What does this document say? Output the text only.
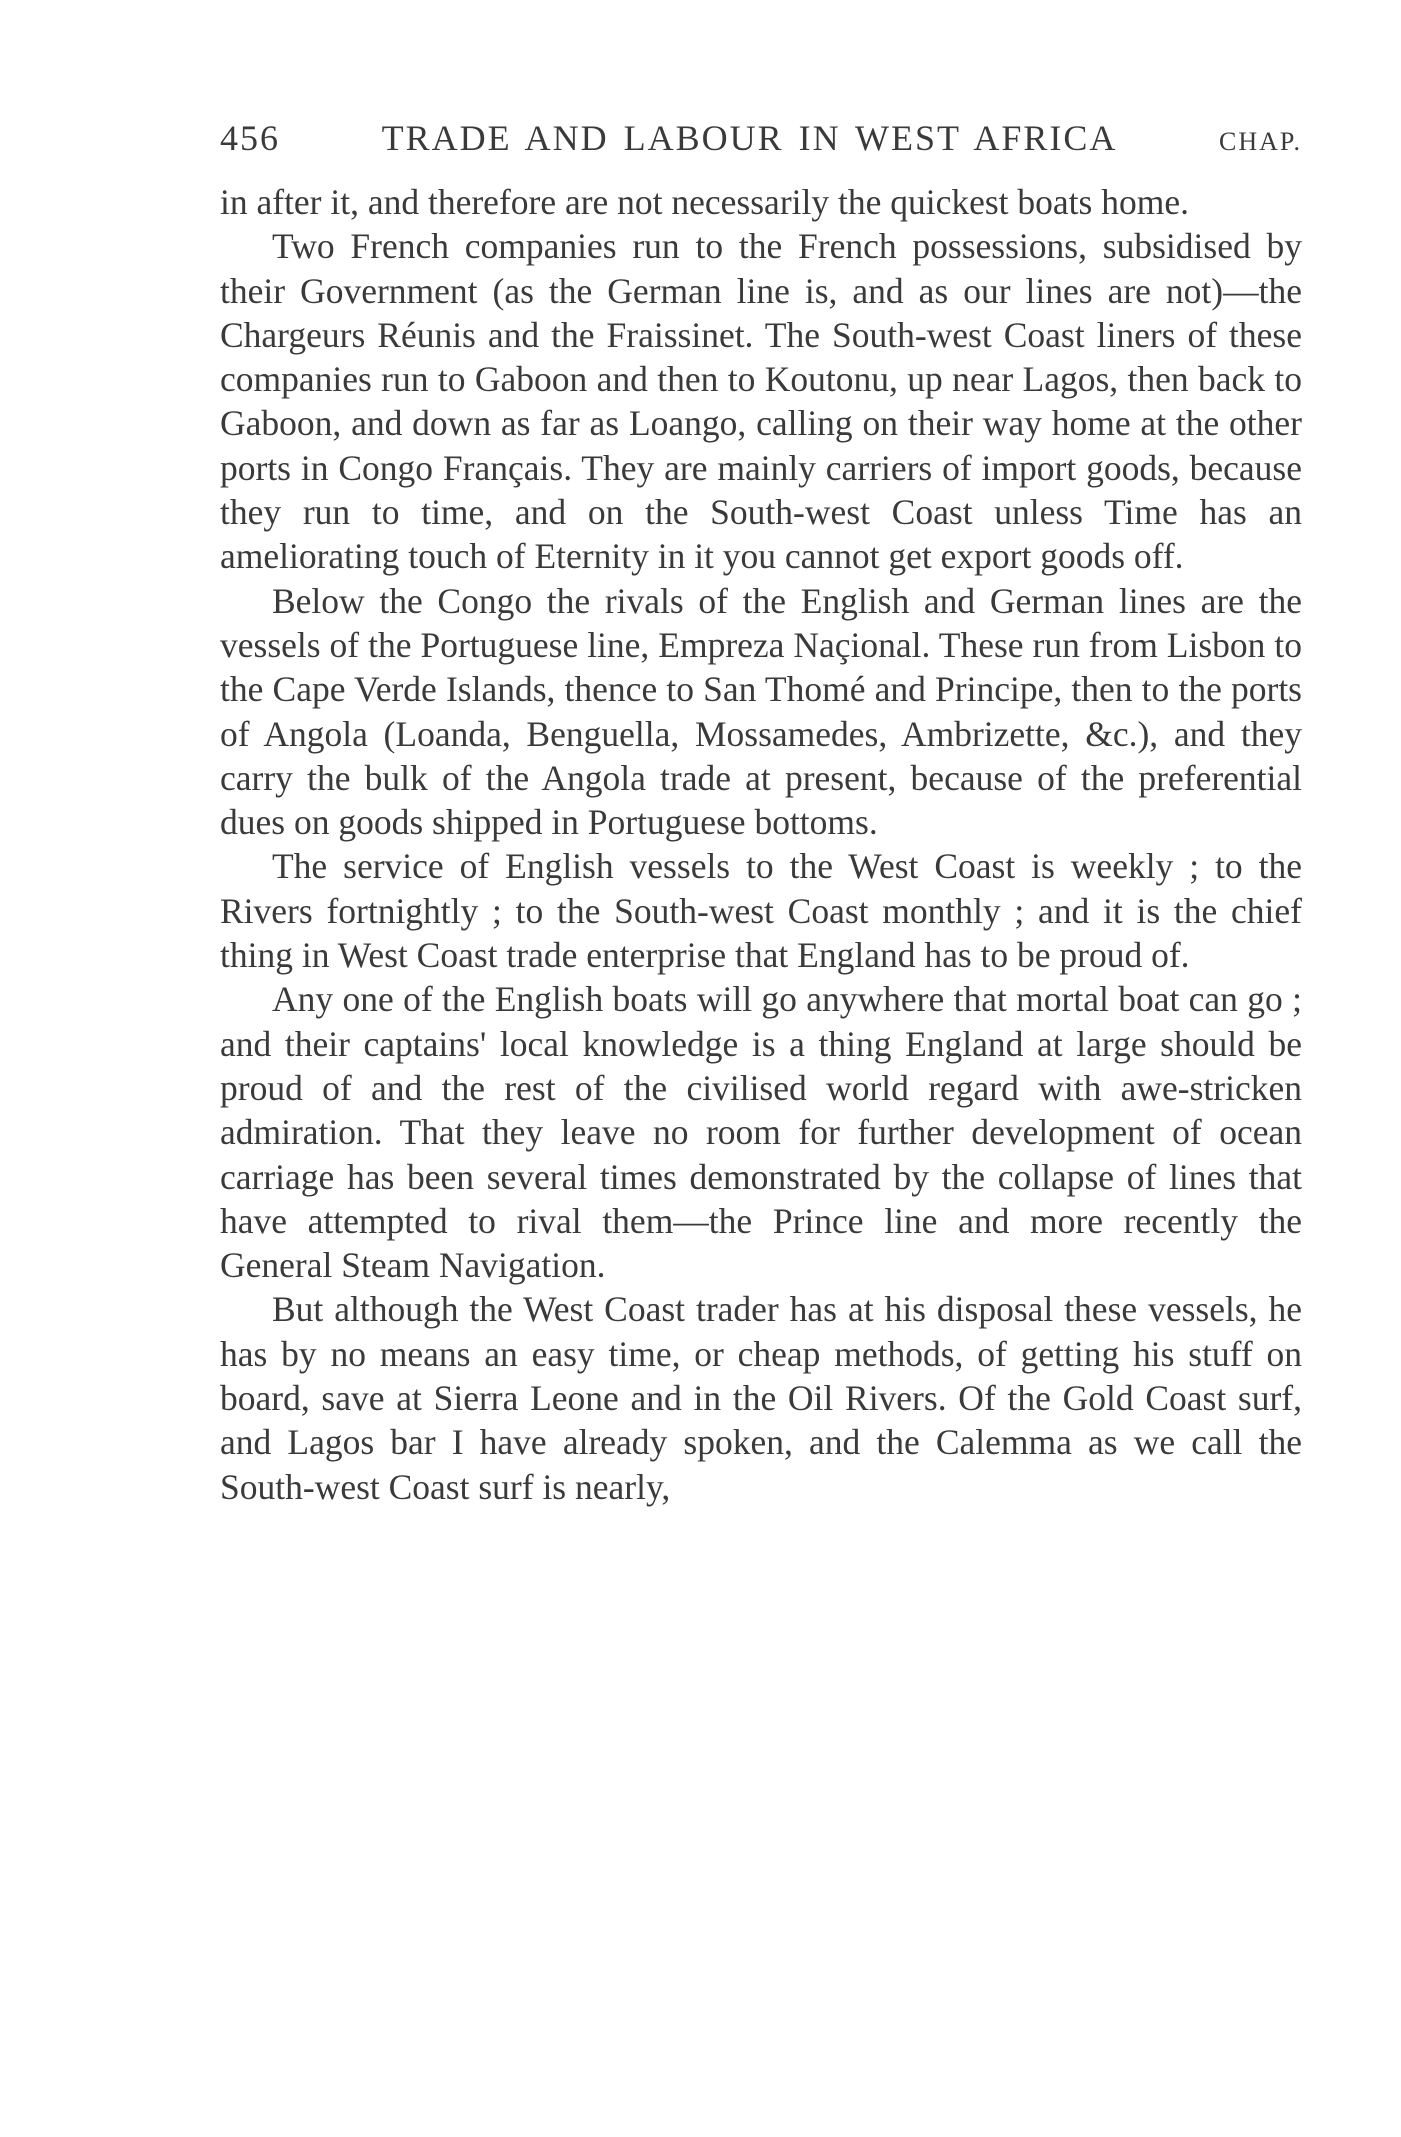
456	TRADE AND LABOUR IN WEST AFRICA	CHAP.

in after it, and therefore are not necessarily the quickest boats home.

Two French companies run to the French possessions, subsidised by their Government (as the German line is, and as our lines are not)—the Chargeurs Réunis and the Fraissinet. The South-west Coast liners of these companies run to Gaboon and then to Koutonu, up near Lagos, then back to Gaboon, and down as far as Loango, calling on their way home at the other ports in Congo Français. They are mainly carriers of import goods, because they run to time, and on the South-west Coast unless Time has an ameliorating touch of Eternity in it you cannot get export goods off.

Below the Congo the rivals of the English and German lines are the vessels of the Portuguese line, Empreza Naçional. These run from Lisbon to the Cape Verde Islands, thence to San Thomé and Principe, then to the ports of Angola (Loanda, Benguella, Mossamedes, Ambrizette, &c.), and they carry the bulk of the Angola trade at present, because of the preferential dues on goods shipped in Portuguese bottoms.

The service of English vessels to the West Coast is weekly ; to the Rivers fortnightly ; to the South-west Coast monthly ; and it is the chief thing in West Coast trade enterprise that England has to be proud of.

Any one of the English boats will go anywhere that mortal boat can go ; and their captains' local knowledge is a thing England at large should be proud of and the rest of the civilised world regard with awe-stricken admiration. That they leave no room for further development of ocean carriage has been several times demonstrated by the collapse of lines that have attempted to rival them—the Prince line and more recently the General Steam Navigation.

But although the West Coast trader has at his disposal these vessels, he has by no means an easy time, or cheap methods, of getting his stuff on board, save at Sierra Leone and in the Oil Rivers. Of the Gold Coast surf, and Lagos bar I have already spoken, and the Calemma as we call the South-west Coast surf is nearly,
